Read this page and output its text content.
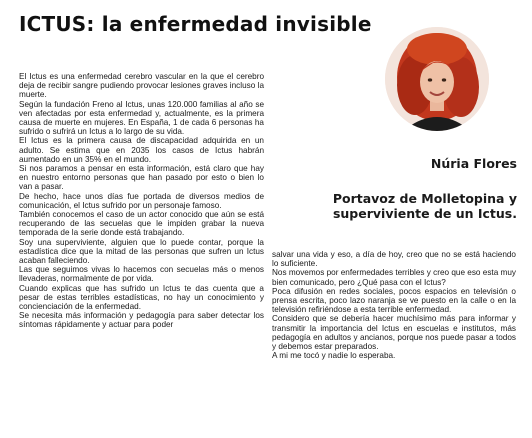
ICTUS: la enfermedad invisible
Núria Flores
Portavoz de Molletopina y superviviente de un Ictus.

El Ictus es una enfermedad cerebro vascular en la que el cerebro deja de recibir sangre pudiendo provocar lesiones graves incluso la muerte.

Según la fundación Freno al Ictus, unas 120.000 familias al año se ven afectadas por esta enfermedad y, actualmente, es la primera causa de muerte en mujeres. En España, 1 de cada 6 personas ha sufrido o sufrirá un Ictus a lo largo de su vida.

El Ictus es la primera causa de discapacidad adquirida en un adulto. Se estima que en 2035 los casos de Ictus habrán aumentado en un 35% en el mundo.

Si nos paramos a pensar en esta información, está claro que hay en nuestro entorno personas que han pasado por esto o bien lo van a pasar.

De hecho, hace unos días fue portada de diversos medios de comunicación, el Ictus sufrido por un personaje famoso.

También conocemos el caso de un actor conocido que aún se está recuperando de las secuelas que le impiden grabar la nueva temporada de la serie donde está trabajando.

Soy una superviviente, alguien que lo puede contar, porque la estadística dice que la mitad de las personas que sufren un Ictus acaban falleciendo.

Las que seguimos vivas lo hacemos con secuelas más o menos llevaderas, normalmente de por vida.

Cuando explicas que has sufrido un Ictus te das cuenta que a pesar de estas terribles estadísticas, no hay un conocimiento y concienciación de la enfermedad.

Se necesita más información y pedagogía para saber detectar los síntomas rápidamente y actuar para poder

salvar una vida y eso, a día de hoy, creo que no se está haciendo lo suficiente.

Nos movemos por enfermedades terribles y creo que eso esta muy bien comunicado, pero ¿Qué pasa con el Ictus?

Poca difusión en redes sociales, pocos espacios en televisión o prensa escrita, poco lazo naranja se ve puesto en la calle o en la televisión refiriéndose a esta terrible enfermedad.

Considero que se debería hacer muchísimo más para informar y transmitir la importancia del Ictus en escuelas e institutos, más pedagogía en adultos y ancianos, porque nos puede pasar a todos y debemos estar preparados.

A mi me tocó y nadie lo esperaba.
